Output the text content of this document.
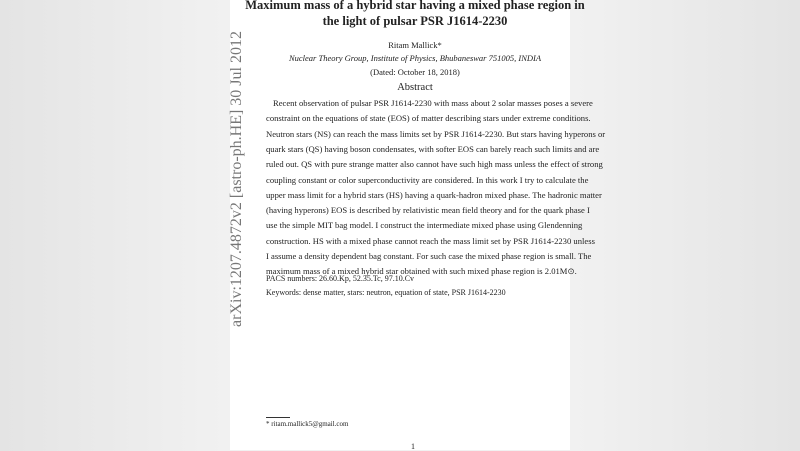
arXiv:1207.4872v2 [astro-ph.HE] 30 Jul 2012
Maximum mass of a hybrid star having a mixed phase region in
the light of pulsar PSR J1614-2230
Ritam Mallick*
Nuclear Theory Group, Institute of Physics, Bhubaneswar 751005, INDIA
(Dated: October 18, 2018)
Abstract
Recent observation of pulsar PSR J1614-2230 with mass about 2 solar masses poses a severe
constraint on the equations of state (EOS) of matter describing stars under extreme conditions.
Neutron stars (NS) can reach the mass limits set by PSR J1614-2230. But stars having hyperons or
quark stars (QS) having boson condensates, with softer EOS can barely reach such limits and are
ruled out. QS with pure strange matter also cannot have such high mass unless the effect of strong
coupling constant or color superconductivity are considered. In this work I try to calculate the
upper mass limit for a hybrid stars (HS) having a quark-hadron mixed phase. The hadronic matter
(having hyperons) EOS is described by relativistic mean field theory and for the quark phase I
use the simple MIT bag model. I construct the intermediate mixed phase using Glendenning
construction. HS with a mixed phase cannot reach the mass limit set by PSR J1614-2230 unless
I assume a density dependent bag constant. For such case the mixed phase region is small. The
maximum mass of a mixed hybrid star obtained with such mixed phase region is 2.01M⊙.
PACS numbers: 26.60.Kp, 52.35.Tc, 97.10.Cv
Keywords: dense matter, stars: neutron, equation of state, PSR J1614-2230
* ritam.mallick5@gmail.com
1
